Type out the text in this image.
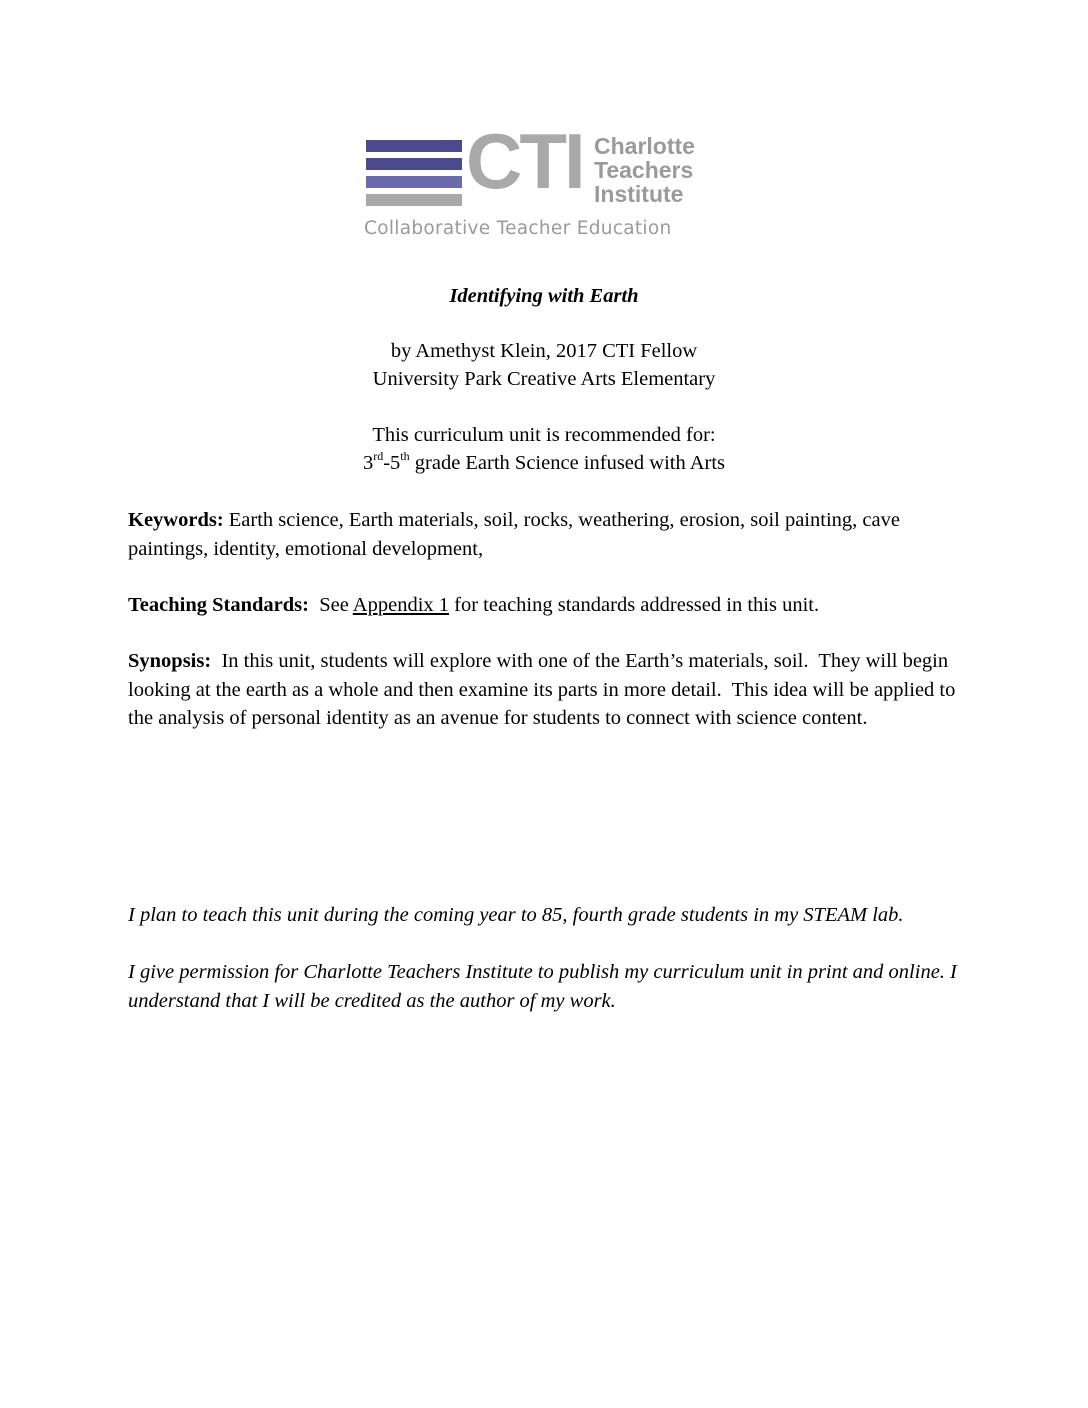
CTI Charlotte
Teachers
Institute
Collaborative Teacher Education
Identifying with Earth
by Amethyst Klein, 2017 CTI Fellow
University Park Creative Arts Elementary
This curriculum unit is recommended for:
3rd-5th grade Earth Science infused with Arts
Keywords: Earth science, Earth materials, soil, rocks, weathering, erosion, soil painting, cave paintings, identity, emotional development,
Teaching Standards:  See Appendix 1 for teaching standards addressed in this unit.
Synopsis:  In this unit, students will explore with one of the Earth’s materials, soil.  They will begin looking at the earth as a whole and then examine its parts in more detail.  This idea will be applied to the analysis of personal identity as an avenue for students to connect with science content.
I plan to teach this unit during the coming year to 85, fourth grade students in my STEAM lab.
I give permission for Charlotte Teachers Institute to publish my curriculum unit in print and online. I understand that I will be credited as the author of my work.
